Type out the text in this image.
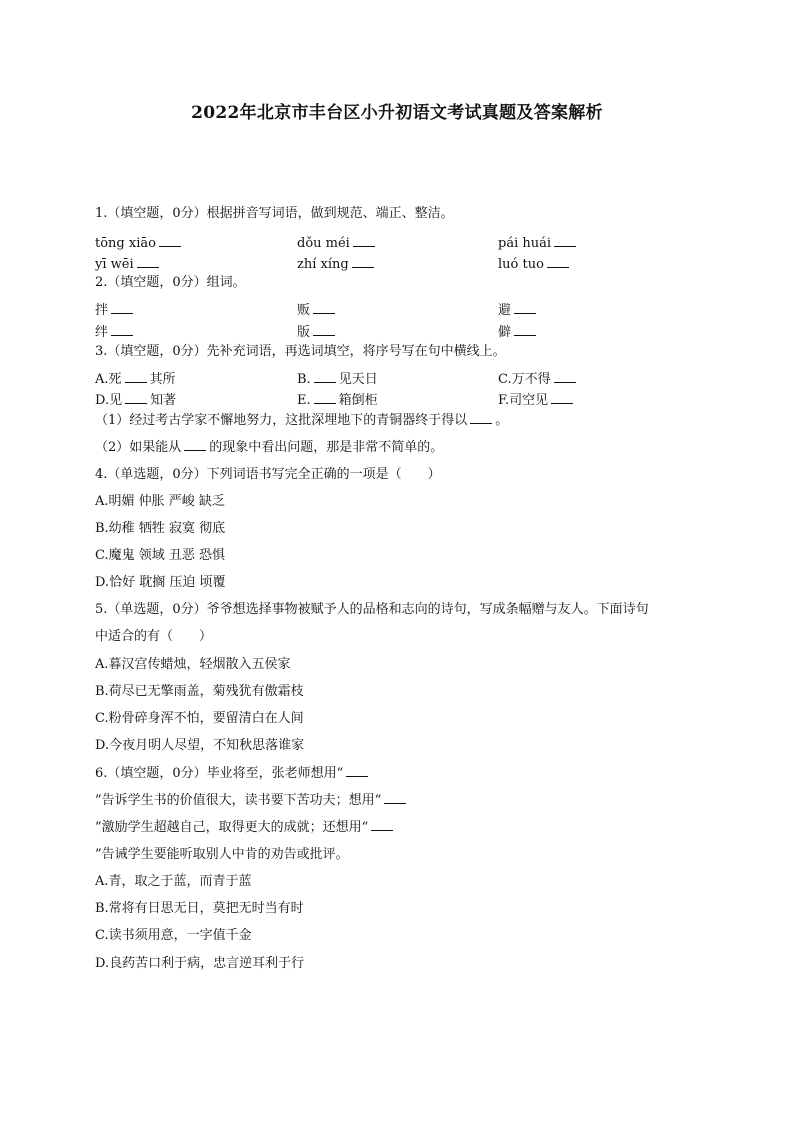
2022年北京市丰台区小升初语文考试真题及答案解析
1.（填空题，0分）根据拼音写词语，做到规范、端正、整洁。
tōng xiāo	dǒu méi	pái huái
yī wēi	zhí xíng	luó tuo
2.（填空题，0分）组词。
拌	贩	避
绊	版	僻
3.（填空题，0分）先补充词语，再选词填空，将序号写在句中横线上。
A.死 其所	B. 见天日	C.万不得
D.见 知著	E. 箱倒柜	F.司空见
（1）经过考古学家不懈地努力，这批深埋地下的青铜器终于得以 。
（2）如果能从 的现象中看出问题，那是非常不简单的。
4.（单选题，0分）下列词语书写完全正确的一项是（　　）
A.明媚 仲胀 严峻 缺乏
B.幼稚 牺牲 寂寞 彻底
C.魔鬼 领域 丑恶 恐惧
D.恰好 耽搁 压迫 顷覆
5.（单选题，0分）爷爷想选择事物被赋予人的品格和志向的诗句，写成条幅赠与友人。下面诗句
中适合的有（　　）
A.暮汉宫传蜡烛，轻烟散入五侯家
B.荷尽已无擎雨盖，菊残犹有傲霜枝
C.粉骨碎身浑不怕，要留清白在人间
D.今夜月明人尽望，不知秋思落谁家
6.（填空题，0分）毕业将至，张老师想用“
”告诉学生书的价值很大，读书要下苦功夫；想用“
”激励学生超越自己，取得更大的成就；还想用“
”告诫学生要能听取别人中肯的劝告或批评。
A.青，取之于蓝，而青于蓝
B.常将有日思无日，莫把无时当有时
C.读书须用意，一字值千金
D.良药苦口利于病，忠言逆耳利于行
